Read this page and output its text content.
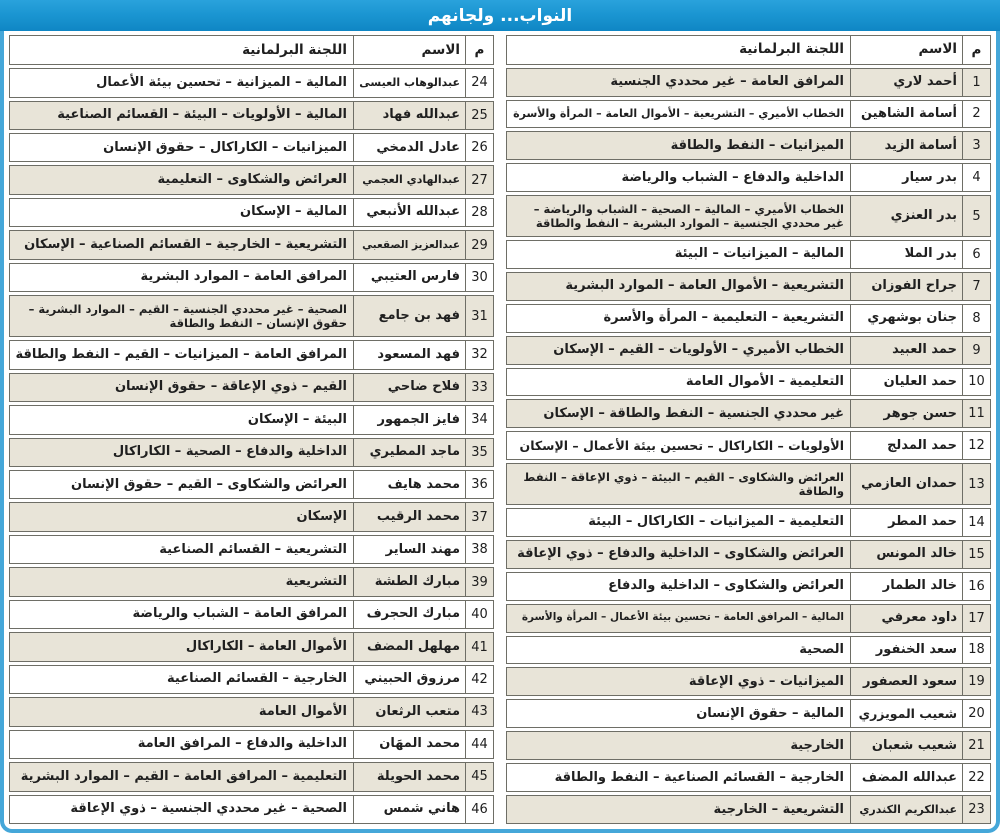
النواب... ولجانهم
م
الاسم
اللجنة البرلمانية
1
أحمد لاري
المرافق العامة – غير محددي الجنسية
2
أسامة الشاهين
الخطاب الأميري – التشريعية – الأموال العامة – المرأة والأسرة
3
أسامة الزيد
الميزانيات – النفط والطاقة
4
بدر سيار
الداخلية والدفاع – الشباب والرياضة
5
بدر العنزي
الخطاب الأميري – المالية – الصحية – الشباب والرياضة – غير محددي الجنسية – الموارد البشرية – النفط والطاقة
6
بدر الملا
المالية – الميزانيات – البيئة
7
جراح الفوزان
التشريعية – الأموال العامة – الموارد البشرية
8
جنان بوشهري
التشريعية – التعليمية – المرأة والأسرة
9
حمد العبيد
الخطاب الأميري – الأولويات – القيم – الإسكان
10
حمد العليان
التعليمية – الأموال العامة
11
حسن جوهر
غير محددي الجنسية – النفط والطاقة – الإسكان
12
حمد المدلج
الأولويات – الكاراكال – تحسين بيئة الأعمال – الإسكان
13
حمدان العازمي
العرائض والشكاوى – القيم – البيئة – ذوي الإعاقة – النفط والطاقة
14
حمد المطر
التعليمية – الميزانيات – الكاراكال – البيئة
15
خالد المونس
العرائض والشكاوى – الداخلية والدفاع – ذوي الإعاقة
16
خالد الطمار
العرائض والشكاوى – الداخلية والدفاع
17
داود معرفي
المالية – المرافق العامة – تحسين بيئة الأعمال – المرأة والأسرة
18
سعد الخنفور
الصحية
19
سعود العصفور
الميزانيات – ذوي الإعاقة
20
شعيب المويزري
المالية – حقوق الإنسان
21
شعيب شعبان
الخارجية
22
عبدالله المضف
الخارجية – القسائم الصناعية – النفط والطاقة
23
عبدالكريم الكندري
التشريعية – الخارجية
م
الاسم
اللجنة البرلمانية
24
عبدالوهاب العيسى
المالية – الميزانية – تحسين بيئة الأعمال
25
عبدالله فهاد
المالية – الأولويات – البيئة – القسائم الصناعية
26
عادل الدمخي
الميزانيات – الكاراكال – حقوق الإنسان
27
عبدالهادي العجمي
العرائض والشكاوى – التعليمية
28
عبدالله الأنبعي
المالية – الإسكان
29
عبدالعزيز الصقعبي
التشريعية – الخارجية – القسائم الصناعية – الإسكان
30
فارس العتيبي
المرافق العامة – الموارد البشرية
31
فهد بن جامع
الصحية – غير محددي الجنسية – القيم – الموارد البشرية – حقوق الإنسان – النفط والطاقة
32
فهد المسعود
المرافق العامة – الميزانيات – القيم – النفط والطاقة
33
فلاح ضاحي
القيم – ذوي الإعاقة – حقوق الإنسان
34
فايز الجمهور
البيئة – الإسكان
35
ماجد المطيري
الداخلية والدفاع – الصحية – الكاراكال
36
محمد هايف
العرائض والشكاوى – القيم – حقوق الإنسان
37
محمد الرقيب
الإسكان
38
مهند الساير
التشريعية – القسائم الصناعية
39
مبارك الطشة
التشريعية
40
مبارك الحجرف
المرافق العامة – الشباب والرياضة
41
مهلهل المضف
الأموال العامة – الكاراكال
42
مرزوق الحبيني
الخارجية – القسائم الصناعية
43
متعب الرثعان
الأموال العامة
44
محمد المهَان
الداخلية والدفاع – المرافق العامة
45
محمد الحويلة
التعليمية – المرافق العامة – القيم – الموارد البشرية
46
هاني شمس
الصحية – غير محددي الجنسية – ذوي الإعاقة
